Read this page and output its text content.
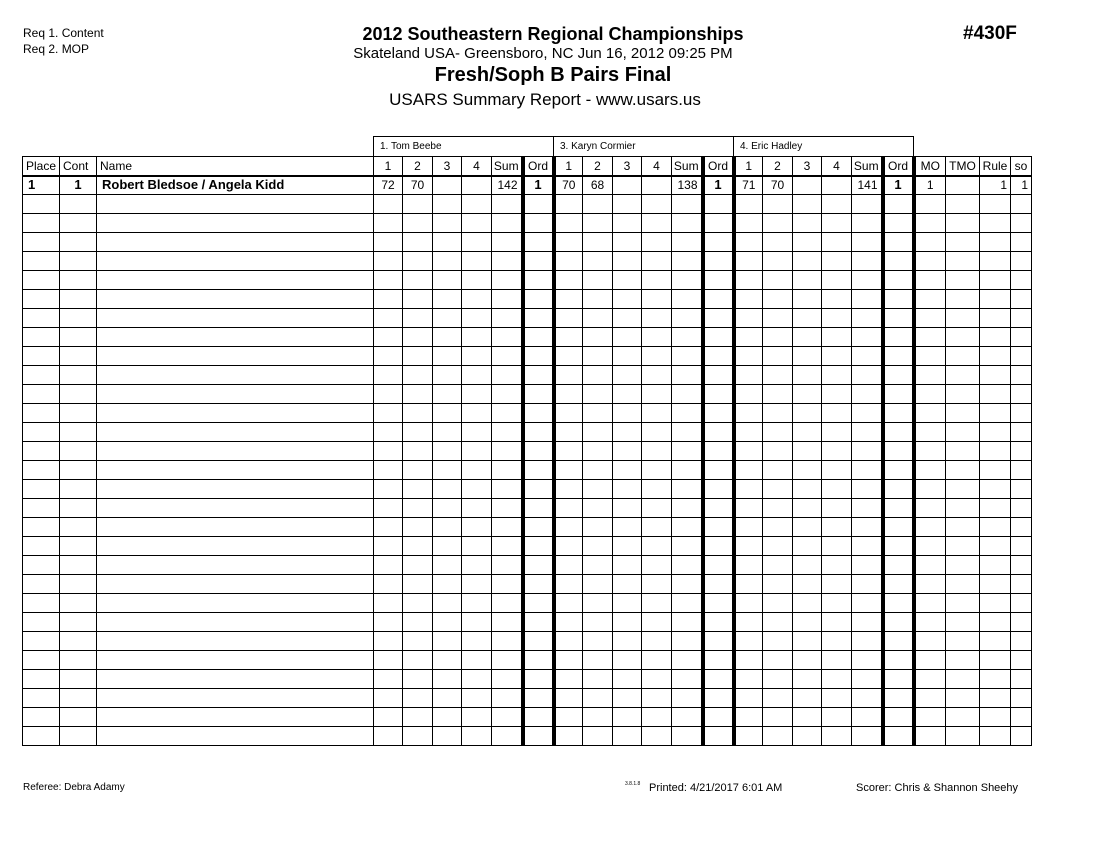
Req 1. Content
Req 2. MOP
2012 Southeastern Regional Championships
Skateland USA- Greensboro, NC Jun 16, 2012 09:25 PM
Fresh/Soph B Pairs Final
USARS Summary Report - www.usars.us
#430F
			1. Tom Beebe						3. Karyn Cormier						4. Eric Hadley									
Place	Cont	Name	1	2	3	4	Sum	Ord	1	2	3	4	Sum	Ord	1	2	3	4	Sum	Ord	MO	TMO	Rule	so
1	1	Robert Bledsoe / Angela Kidd	72	70			142	1	70	68			138	1	71	70			141	1	1		1	1

Referee: Debra Adamy	3.8.1.8 Printed: 4/21/2017 6:01 AM	Scorer: Chris & Shannon Sheehy
